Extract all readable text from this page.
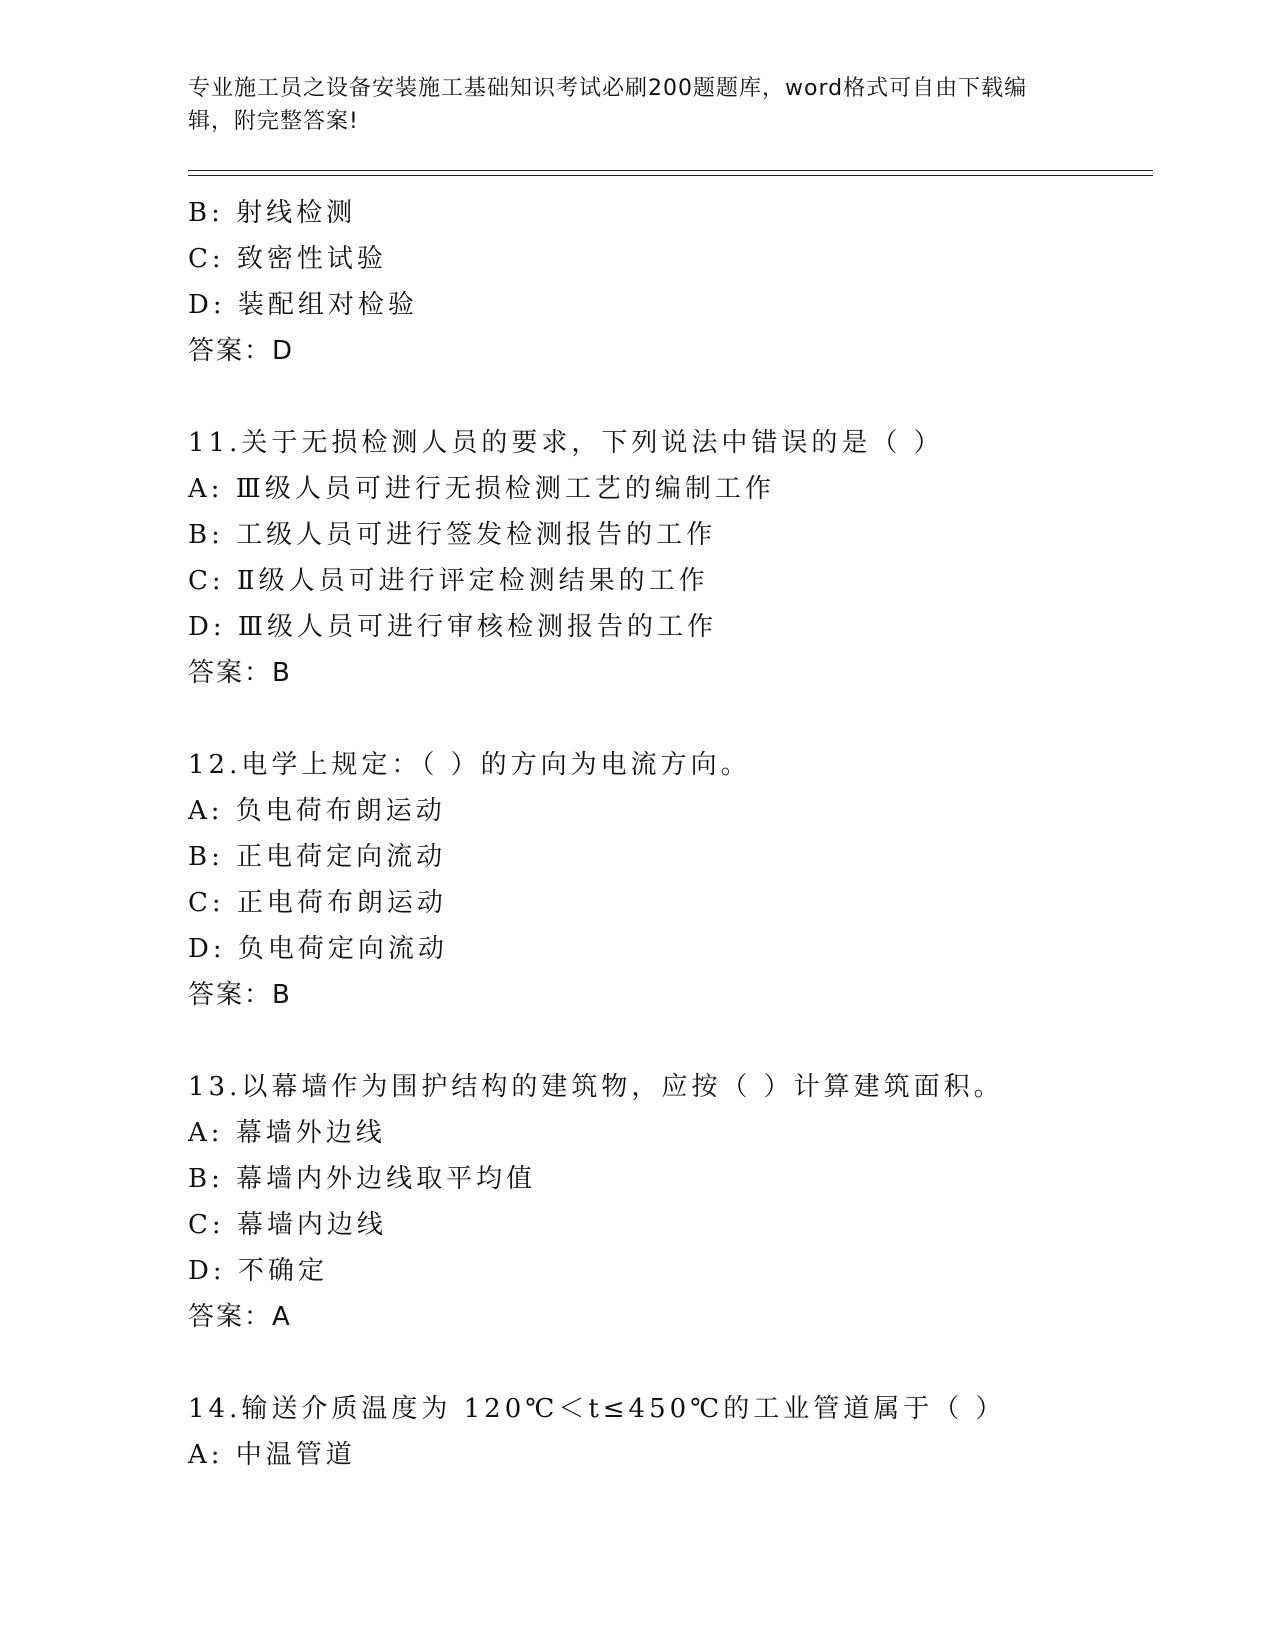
专业施工员之设备安装施工基础知识考试必刷200题题库，word格式可自由下载编辑，附完整答案!
B: 射线检测
C: 致密性试验
D: 装配组对检验
答案：D
11.关于无损检测人员的要求，下列说法中错误的是（ ）
A: Ⅲ级人员可进行无损检测工艺的编制工作
B: 工级人员可进行签发检测报告的工作
C: Ⅱ级人员可进行评定检测结果的工作
D: Ⅲ级人员可进行审核检测报告的工作
答案：B
12.电学上规定：（ ）的方向为电流方向。
A: 负电荷布朗运动
B: 正电荷定向流动
C: 正电荷布朗运动
D: 负电荷定向流动
答案：B
13.以幕墙作为围护结构的建筑物，应按（ ）计算建筑面积。
A: 幕墙外边线
B: 幕墙内外边线取平均值
C: 幕墙内边线
D: 不确定
答案：A
14.输送介质温度为 120℃＜t≤450℃的工业管道属于（ ）
A: 中温管道
